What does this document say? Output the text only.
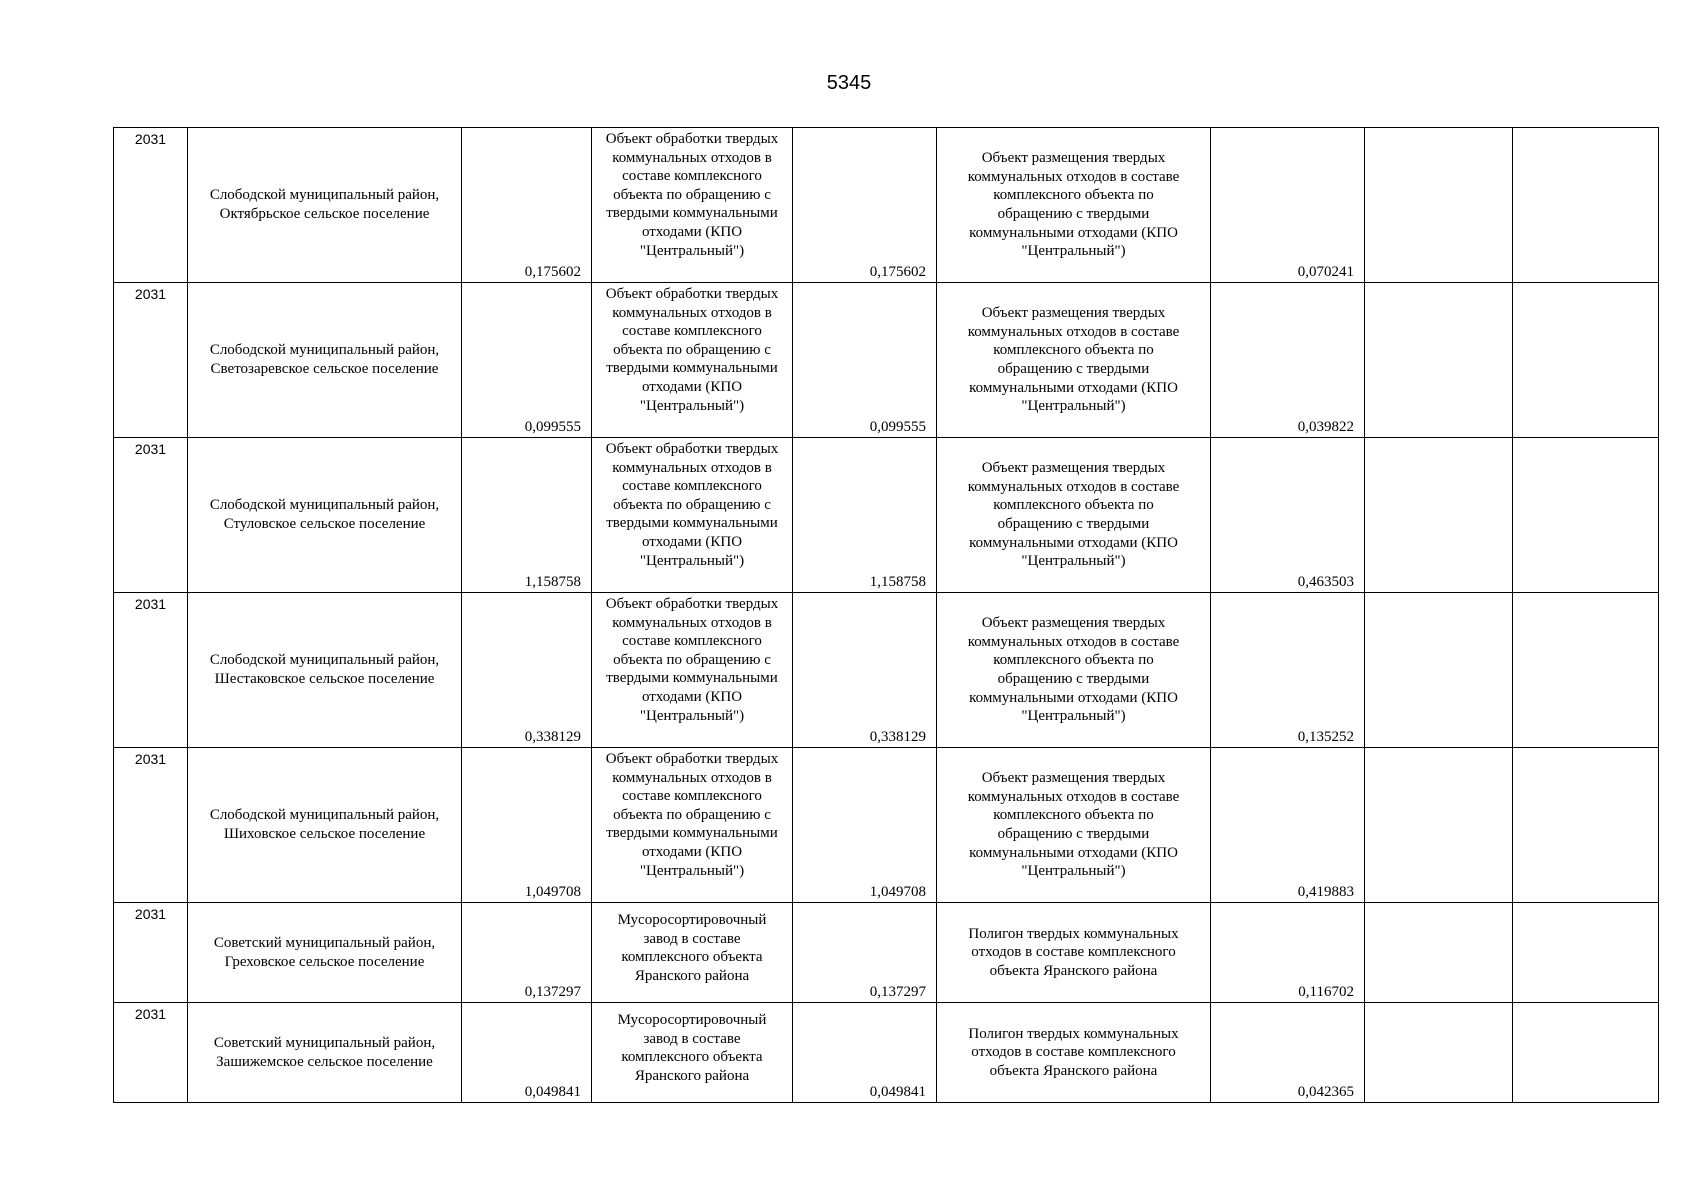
5345
2031	Слободской муниципальный район, Октябрьское сельское поселение	0,175602	Объект обработки твердых коммунальных отходов в составе комплексного объекта по обращению с твердыми коммунальными отходами (КПО "Центральный")	0,175602	Объект размещения твердых коммунальных отходов в составе комплексного объекта по обращению с твердыми коммунальными отходами (КПО "Центральный")	0,070241		
2031	Слободской муниципальный район, Светозаревское сельское поселение	0,099555	Объект обработки твердых коммунальных отходов в составе комплексного объекта по обращению с твердыми коммунальными отходами (КПО "Центральный")	0,099555	Объект размещения твердых коммунальных отходов в составе комплексного объекта по обращению с твердыми коммунальными отходами (КПО "Центральный")	0,039822		
2031	Слободской муниципальный район, Стуловское сельское поселение	1,158758	Объект обработки твердых коммунальных отходов в составе комплексного объекта по обращению с твердыми коммунальными отходами (КПО "Центральный")	1,158758	Объект размещения твердых коммунальных отходов в составе комплексного объекта по обращению с твердыми коммунальными отходами (КПО "Центральный")	0,463503		
2031	Слободской муниципальный район, Шестаковское сельское поселение	0,338129	Объект обработки твердых коммунальных отходов в составе комплексного объекта по обращению с твердыми коммунальными отходами (КПО "Центральный")	0,338129	Объект размещения твердых коммунальных отходов в составе комплексного объекта по обращению с твердыми коммунальными отходами (КПО "Центральный")	0,135252		
2031	Слободской муниципальный район, Шиховское сельское поселение	1,049708	Объект обработки твердых коммунальных отходов в составе комплексного объекта по обращению с твердыми коммунальными отходами (КПО "Центральный")	1,049708	Объект размещения твердых коммунальных отходов в составе комплексного объекта по обращению с твердыми коммунальными отходами (КПО "Центральный")	0,419883		
2031	Советский муниципальный район, Греховское сельское поселение	0,137297	Мусоросортировочный завод в составе комплексного объекта Яранского района	0,137297	Полигон твердых коммунальных отходов в составе комплексного объекта Яранского района	0,116702		
2031	Советский муниципальный район, Зашижемское сельское поселение	0,049841	Мусоросортировочный завод в составе комплексного объекта Яранского района	0,049841	Полигон твердых коммунальных отходов в составе комплексного объекта Яранского района	0,042365		
